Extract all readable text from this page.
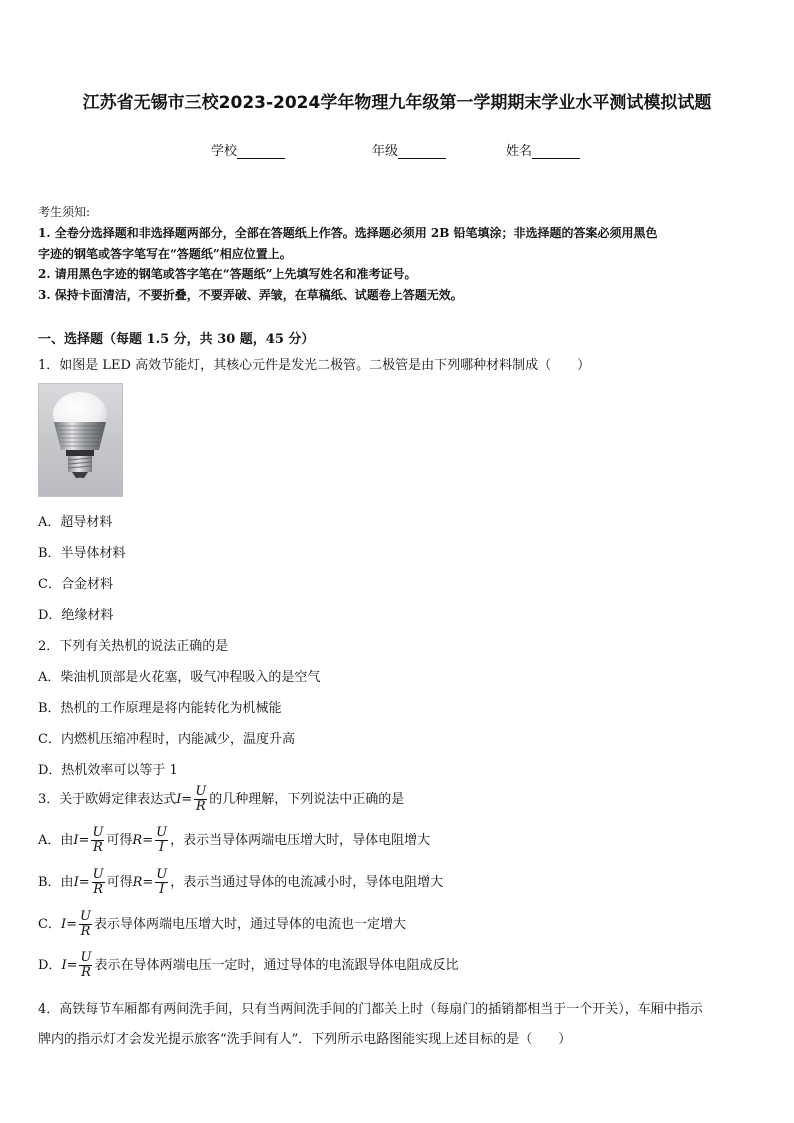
江苏省无锡市三校2023-2024学年物理九年级第一学期期末学业水平测试模拟试题
学校	年级	姓名
考生须知:
1. 全卷分选择题和非选择题两部分，全部在答题纸上作答。选择题必须用 2B 铅笔填涂；非选择题的答案必须用黑色
字迹的钢笔或答字笔写在“答题纸”相应位置上。
2. 请用黑色字迹的钢笔或答字笔在“答题纸”上先填写姓名和准考证号。
3. 保持卡面清洁，不要折叠，不要弄破、弄皱，在草稿纸、试题卷上答题无效。
一、选择题（每题 1.5 分，共 30 题，45 分）
1．如图是 LED 高效节能灯，其核心元件是发光二极管。二极管是由下列哪种材料制成（　　）
A．超导材料
B．半导体材料
C．合金材料
D．绝缘材料
2．下列有关热机的说法正确的是
A．柴油机顶部是火花塞，吸气冲程吸入的是空气
B．热机的工作原理是将内能转化为机械能
C．内燃机压缩冲程时，内能减少，温度升高
D．热机效率可以等于 1
3．关于欧姆定律表达式$I= \frac{U}{R}$ 的几种理解，下列说法中正确的是
A．由$I= \frac{U}{R}$ 可得$R= \frac{U}{I}$ ，表示当导体两端电压增大时，导体电阻增大
B．由$I= \frac{U}{R}$ 可得$R= \frac{U}{I}$ ，表示当通过导体的电流减小时，导体电阻增大
C．$I= \frac{U}{R}$ 表示导体两端电压增大时，通过导体的电流也一定增大
D．$I= \frac{U}{R}$ 表示在导体两端电压一定时，通过导体的电流跟导体电阻成反比
4．高铁每节车厢都有两间洗手间，只有当两间洗手间的门都关上时（每扇门的插销都相当于一个开关），车厢中指示
牌内的指示灯才会发光提示旅客“洗手间有人”．下列所示电路图能实现上述目标的是（　　）
